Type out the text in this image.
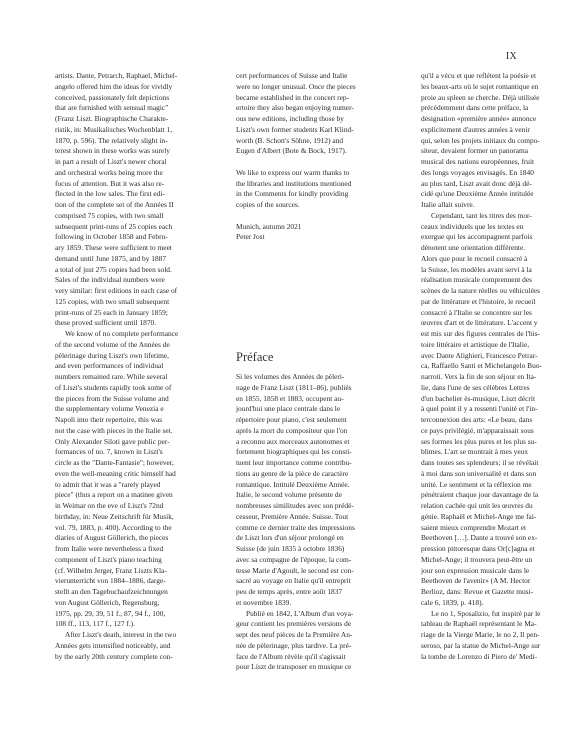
IX
artists. Dante, Petrarch, Raphael, Michel-
angelo offered him the ideas for vividly
conceived, passionately felt depictions
that are furnished with sensual magic"
(Franz Liszt. Biographische Charakte-
ristik, in: Musikalisches Wochenblatt 1,
1870, p. 596). The relatively slight in-
terest shown in these works was surely
in part a result of Liszt's newer choral
and orchestral works being more the
focus of attention. But it was also re-
flected in the low sales. The first edi-
tion of the complete set of the Années II
comprised 75 copies, with two small
subsequent print-runs of 25 copies each
following in October 1858 and Febru-
ary 1859. These were sufficient to meet
demand until June 1875, and by 1887
a total of just 275 copies had been sold.
Sales of the individual numbers were
very similar: first editions in each case of
125 copies, with two small subsequent
print-runs of 25 each in January 1859;
these proved sufficient until 1870.
We know of no complete performance
of the second volume of the Années de
pèlerinage during Liszt's own lifetime,
and even performances of individual
numbers remained rare. While several
of Liszt's students rapidly took some of
the pieces from the Suisse volume and
the supplementary volume Venezia e
Napoli into their repertoire, this was
not the case with pieces in the Italie set.
Only Alexander Siloti gave public per-
formances of no. 7, known in Liszt's
circle as the "Dante-Fantasie"; however,
even the well-meaning critic himself had
to admit that it was a "rarely played
piece" (thus a report on a matinee given
in Weimar on the eve of Liszt's 72nd
birthday, in: Neue Zeitschrift für Musik,
vol. 79, 1883, p. 400). According to the
diaries of August Göllerich, the pieces
from Italie were nevertheless a fixed
component of Liszt's piano teaching
(cf. Wilhelm Jerger, Franz Liszts Kla-
vierunterricht von 1884–1886, darge-
stellt an den Tagebuchaufzeichnungen
von August Göllerich, Regensburg,
1975, pp. 29, 39, 51 f., 87, 94 f., 100,
108 ff., 113, 117 f., 127 f.).
After Liszt's death, interest in the two
Années gets intensified noticeably, and
by the early 20th century complete con-
cert performances of Suisse and Italie
were no longer unusual. Once the pieces
became established in the concert rep-
ertoire they also began enjoying numer-
ous new editions, including those by
Liszt's own former students Karl Klind-
worth (B. Schott's Söhne, 1912) and
Eugen d'Albert (Bote & Bock, 1917).
We like to express our warm thanks to
the libraries and institutions mentioned
in the Comments for kindly providing
copies of the sources.
Munich, autumn 2021
Peter Jost
Préface
Si les volumes des Années de pèleri-
nage de Franz Liszt (1811–86), publiés
en 1855, 1858 et 1883, occupent au-
jourd'hui une place centrale dans le
répertoire pour piano, c'est seulement
après la mort du compositeur que l'on
a reconnu aux morceaux autonomes et
fortement biographiques qui les consti-
tuent leur importance comme contribu-
tions au genre de la pièce de caractère
romantique. Intitulé Deuxième Année.
Italie, le second volume présente de
nombreuses similitudes avec son prédé-
cesseur, Première Année. Suisse. Tout
comme ce dernier traite des impressions
de Liszt lors d'un séjour prolongé en
Suisse (de juin 1835 à octobre 1836)
avec sa compagne de l'époque, la com-
tesse Marie d'Agoult, le second est con-
sacré au voyage en Italie qu'il entreprit
peu de temps après, entre août 1837
et novembre 1839.
Publié en 1842, L'Album d'un voya-
geur contient les premières versions de
sept des neuf pièces de la Première An-
née de pèlerinage, plus tardive. La pré-
face de l'Album révèle qu'il s'agissait
pour Liszt de transposer en musique ce
qu'il a vécu et que reflétent la poésie et
les beaux-arts où le sujet romantique en
proie au spleen se cherche. Déjà utilisée
précédemment dans cette préface, la
désignation «première année» annonce
explicitement d'autres années à venir
qui, selon les projets initiaux du compo-
siteur, devaient former un panorama
musical des nations européennes, fruit
des longs voyages envisagés. En 1840
au plus tard, Liszt avait donc déjà dé-
cidé qu'une Deuxième Année intitulée
Italie allait suivre.
Cependant, tant les titres des mor-
ceaux individuels que les textes en
exergue qui les accompagnent parfois
dénotent une orientation différente.
Alors que pour le recueil consacré à
la Suisse, les modèles avant servi à la
réalisation musicale comprennent des
scènes de la nature réelles ou véhiculées
par de littérature et l'histoire, le recueil
consacré à l'Italie se concentre sur les
œuvres d'art et de littérature. L'accent y
est mis sur des figures centrales de l'his-
toire littéraire et artistique de l'Italie,
avec Dante Alighieri, Francesco Petrar-
ca, Raffaello Santi et Michelangelo Buo-
narroti. Vers la fin de son séjour en Ita-
lie, dans l'une de ses célèbres Lettres
d'un bachelier ès-musique, Liszt décrit
à quel point il y a ressenti l'unité et l'in-
terconnexion des arts: «Le beau, dans
ce pays privilégié, m'apparaissait sous
ses formes les plus pures et les plus su-
blimes. L'art se montrait à mes yeux
dans toutes ses splendeurs; il se révélait
à moi dans son universalité et dans son
unité. Le sentiment et la réflexion me
pénétraient chaque jour davantage de la
relation cachée qui unit les œuvres du
génie. Raphaël et Michel-Ange me fai-
saient mieux comprendre Mozart et
Beethoven […]. Dante a trouvé son ex-
pression pittoresque dans Or[c]agna et
Michel-Ange; il trouvera peut-être un
jour son expression musicale dans le
Beethoven de l'avenir» (A M. Hector
Berlioz, dans: Revue et Gazette musi-
cale 6, 1839, p. 418).
Le no 1, Sposalizio, fut inspiré par le
tableau de Raphaël représentant le Ma-
riage de la Vierge Marie, le no 2, Il pen-
seroso, par la statue de Michel-Ange sur
la tombe de Lorenzo di Piero de' Medi-
